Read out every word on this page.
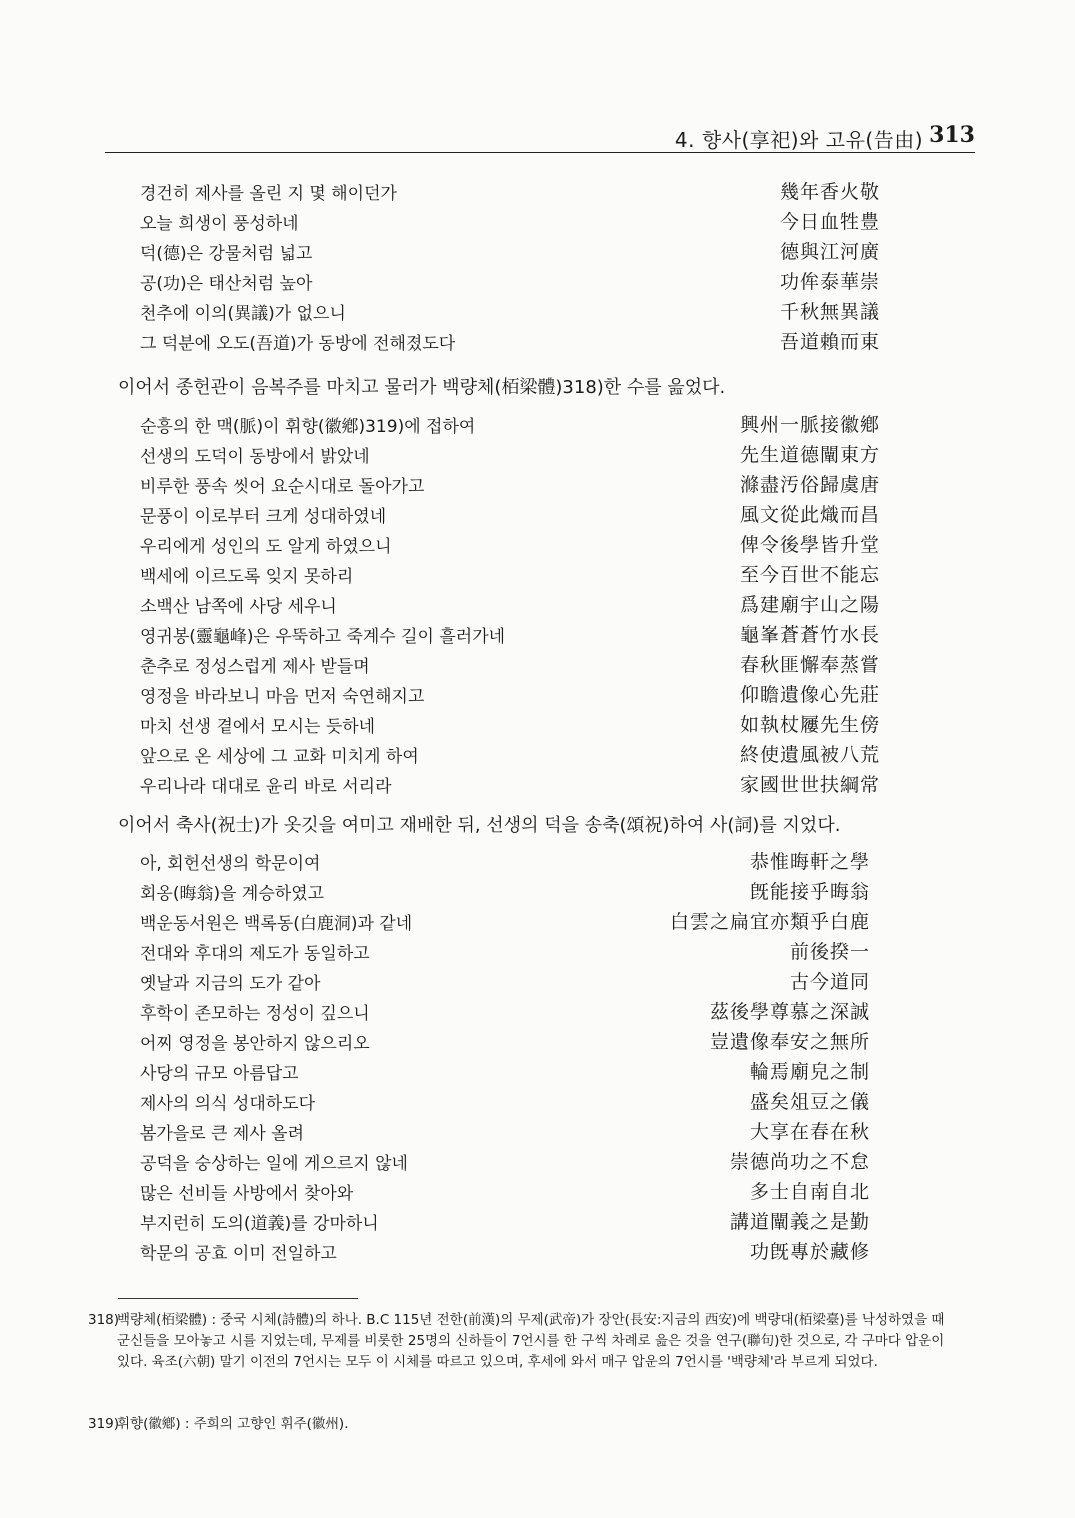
4. 향사(享祀)와 고유(告由) 313
경건히 제사를 올린 지 몇 해이던가	幾年香火敬
오늘 희생이 풍성하네	今日血牲豊
덕(德)은 강물처럼 넓고	德與江河廣
공(功)은 태산처럼 높아	功侔泰華崇
천추에 이의(異議)가 없으니	千秋無異議
그 덕분에 오도(吾道)가 동방에 전해졌도다	吾道賴而東
이어서 종헌관이 음복주를 마치고 물러가 백량체(栢梁體)318)한 수를 읊었다.
순흥의 한 맥(脈)이 휘향(徽鄕)319)에 접하여	興州一脈接徽鄕
선생의 도덕이 동방에서 밝았네	先生道德闡東方
비루한 풍속 씻어 요순시대로 돌아가고	滌盡汚俗歸虞唐
문풍이 이로부터 크게 성대하였네	風文從此熾而昌
우리에게 성인의 도 알게 하였으니	俾令後學皆升堂
백세에 이르도록 잊지 못하리	至今百世不能忘
소백산 남쪽에 사당 세우니	爲建廟宇山之陽
영귀봉(靈龜峰)은 우뚝하고 죽계수 길이 흘러가네	龜峯蒼蒼竹水長
춘추로 정성스럽게 제사 받들며	春秋匪懈奉蒸嘗
영정을 바라보니 마음 먼저 숙연해지고	仰瞻遺像心先莊
마치 선생 곁에서 모시는 듯하네	如執杖屨先生傍
앞으로 온 세상에 그 교화 미치게 하여	終使遺風被八荒
우리나라 대대로 윤리 바로 서리라	家國世世扶綱常
이어서 축사(祝士)가 옷깃을 여미고 재배한 뒤, 선생의 덕을 송축(頌祝)하여 사(詞)를 지었다.
아, 회헌선생의 학문이여	恭惟晦軒之學
회옹(晦翁)을 계승하였고	旣能接乎晦翁
백운동서원은 백록동(白鹿洞)과 같네	白雲之扁宜亦類乎白鹿
전대와 후대의 제도가 동일하고	前後揆一
옛날과 지금의 도가 같아	古今道同
후학이 존모하는 정성이 깊으니	茲後學尊慕之深誠
어찌 영정을 봉안하지 않으리오	豈遺像奉安之無所
사당의 규모 아름답고	輪焉廟皃之制
제사의 의식 성대하도다	盛矣俎豆之儀
봄가을로 큰 제사 올려	大享在春在秋
공덕을 숭상하는 일에 게으르지 않네	崇德尚功之不怠
많은 선비들 사방에서 찾아와	多士自南自北
부지런히 도의(道義)를 강마하니	講道闡義之是勤
학문의 공효 이미 전일하고	功旣專於藏修
318)
백량체(栢梁體) : 중국 시체(詩體)의 하나. B.C 115년 전한(前漢)의 무제(武帝)가 장안(長安:지금의 西安)에 백량대(栢梁臺)를 낙성하였을 때 군신들을 모아놓고 시를 지었는데, 무제를 비롯한 25명의 신하들이 7언시를 한 구씩 차례로 읊은 것을 연구(聯句)한 것으로, 각 구마다 압운이 있다. 육조(六朝) 말기 이전의 7언시는 모두 이 시체를 따르고 있으며, 후세에 와서 매구 압운의 7언시를 '백량체'라 부르게 되었다.
319)
휘향(徽鄕) : 주희의 고향인 휘주(徽州).
